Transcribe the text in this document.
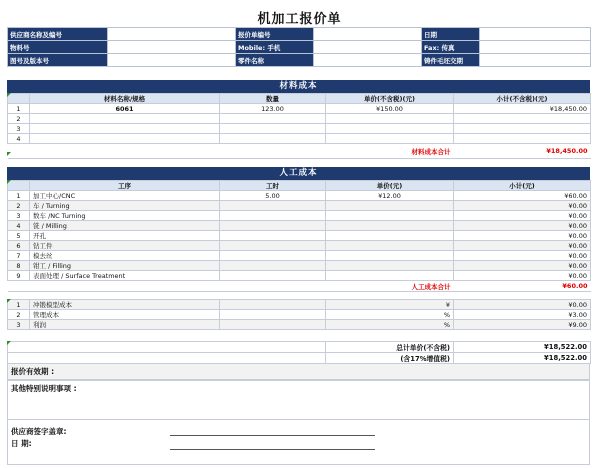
机加工报价单
供应商名称及编号		报价单编号		日期	
物料号		Mobile: 手机		Fax: 传真	
图号及版本号		零件名称		铸件毛坯交期	
材料成本
	材料名称/规格	数量	单价(不含税)(元)	小计(不含税)(元)
1	6061	123.00	¥150.00	¥18,450.00
2				
3				
4				
			材料成本合计	¥18,450.00
人工成本
	工序	工时	单价(元)	小计(元)
1	加工中心/CNC	5.00	¥12.00	¥60.00
2	车 / Turning			¥0.00
3	数车 /NC Turning			¥0.00
4	铣 / Milling			¥0.00
5	开孔			¥0.00
6	钻工件			¥0.00
7	模去丝			¥0.00
8	钳工 / Filling			¥0.00
9	表面处理 / Surface Treatment			¥0.00
			人工成本合计	¥60.00
1	冲锻模型成本		¥	¥0.00
2	管理成本		%	¥3.00
3	利润		%	¥9.00
	总计单价(不含税)	¥18,522.00
	(含17%增值税)	¥18,522.00
报价有效期 :
其他特别说明事项 :
供应商签字盖章:
日 期:
